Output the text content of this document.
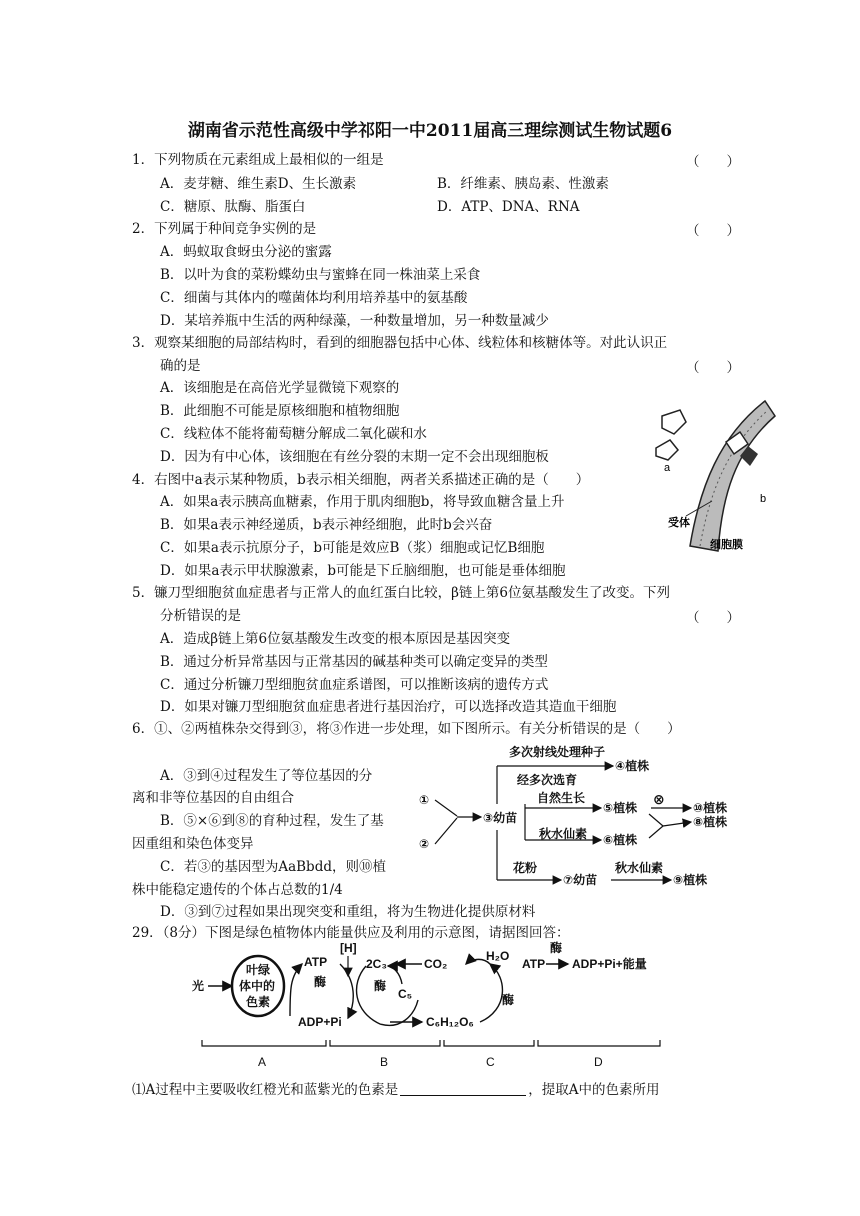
湖南省示范性高级中学祁阳一中2011届高三理综测试生物试题6
1．下列物质在元素组成上最相似的一组是	（　　）
A．麦芽糖、维生素D、生长激素	B．纤维素、胰岛素、性激素
C．糖原、肽酶、脂蛋白	D．ATP、DNA、RNA
2．下列属于种间竞争实例的是	（　　）
A．蚂蚁取食蚜虫分泌的蜜露
B．以叶为食的菜粉蝶幼虫与蜜蜂在同一株油菜上采食
C．细菌与其体内的噬菌体均利用培养基中的氨基酸
D．某培养瓶中生活的两种绿藻，一种数量增加，另一种数量减少
3．观察某细胞的局部结构时，看到的细胞器包括中心体、线粒体和核糖体等。对此认识正
确的是	（　　）
A．该细胞是在高倍光学显微镜下观察的
B．此细胞不可能是原核细胞和植物细胞
C．线粒体不能将葡萄糖分解成二氧化碳和水
D．因为有中心体，该细胞在有丝分裂的末期一定不会出现细胞板
4．右图中a表示某种物质，b表示相关细胞，两者关系描述正确的是（　　）
A．如果a表示胰高血糖素，作用于肌肉细胞b，将导致血糖含量上升
B．如果a表示神经递质，b表示神经细胞，此时b会兴奋
C．如果a表示抗原分子，b可能是效应B（浆）细胞或记忆B细胞
D．如果a表示甲状腺激素，b可能是下丘脑细胞，也可能是垂体细胞
a
b
受体
细胞膜
5．镰刀型细胞贫血症患者与正常人的血红蛋白比较，β链上第6位氨基酸发生了改变。下列
分析错误的是	（　　）
A．造成β链上第6位氨基酸发生改变的根本原因是基因突变
B．通过分析异常基因与正常基因的碱基种类可以确定变异的类型
C．通过分析镰刀型细胞贫血症系谱图，可以推断该病的遗传方式
D．如果对镰刀型细胞贫血症患者进行基因治疗，可以选择改造其造血干细胞
6．①、②两植株杂交得到③，将③作进一步处理，如下图所示。有关分析错误的是（　　）
A．③到④过程发生了等位基因的分
离和非等位基因的自由组合
B．⑤×⑥到⑧的育种过程，发生了基
因重组和染色体变异
C．若③的基因型为AaBbdd，则⑩植
株中能稳定遗传的个体占总数的1/4
D．③到⑦过程如果出现突变和重组，将为生物进化提供原材料
①
②
③幼苗
多次射线处理种子
④植株
经多次选育
自然生长
⑤植株
秋水仙素 ⑥植株
⊗
⑩植株
⑧植株
花粉
⑦幼苗
秋水仙素
⑨植株
29．（8分）下图是绿色植物体内能量供应及利用的示意图，请据图回答：
光
叶绿
体中的
色素
ATP
酶
ADP+Pi
[H]
2C₃
酶
C₅
CO₂
C₆H₁₂O₆
H₂O
酶
ATP
酶
ADP+Pi+能量
A	B	C	D
⑴A过程中主要吸收红橙光和蓝紫光的色素是	，提取A中的色素所用
